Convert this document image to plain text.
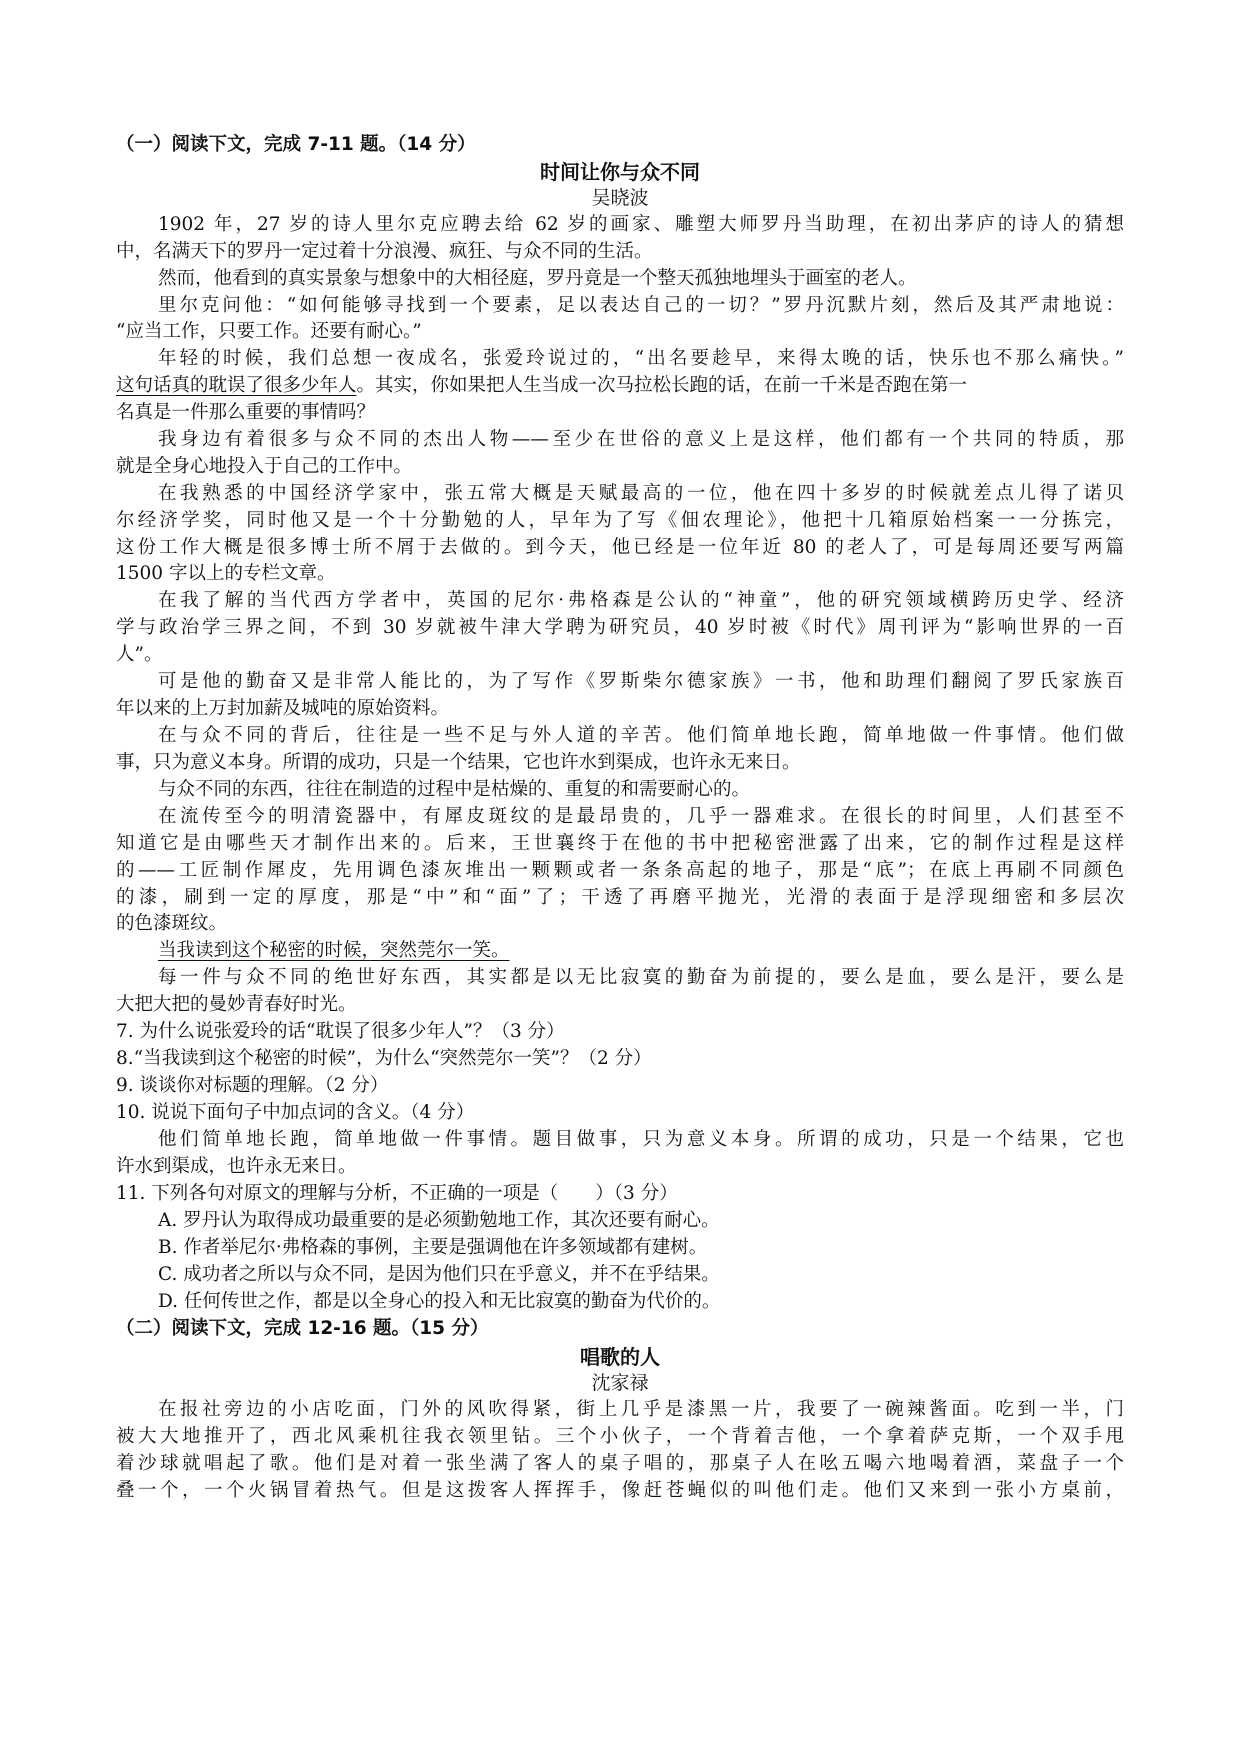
（一）阅读下文，完成 7-11 题。（14 分）
时间让你与众不同
吴晓波
1902 年，27 岁的诗人里尔克应聘去给 62 岁的画家、雕塑大师罗丹当助理，在初出茅庐的诗人的猜想
中，名满天下的罗丹一定过着十分浪漫、疯狂、与众不同的生活。
然而，他看到的真实景象与想象中的大相径庭，罗丹竟是一个整天孤独地埋头于画室的老人。
里尔克问他：“如何能够寻找到一个要素，足以表达自己的一切？”罗丹沉默片刻，然后及其严肃地说：
“应当工作，只要工作。还要有耐心。”
年轻的时候，我们总想一夜成名，张爱玲说过的，“出名要趁早，来得太晚的话，快乐也不那么痛快。”
这句话真的耽误了很多少年人。其实，你如果把人生当成一次马拉松长跑的话，在前一千米是否跑在第一
名真是一件那么重要的事情吗？
我身边有着很多与众不同的杰出人物——至少在世俗的意义上是这样，他们都有一个共同的特质，那
就是全身心地投入于自己的工作中。
在我熟悉的中国经济学家中，张五常大概是天赋最高的一位，他在四十多岁的时候就差点儿得了诺贝
尔经济学奖，同时他又是一个十分勤勉的人，早年为了写《佃农理论》，他把十几箱原始档案一一分拣完，
这份工作大概是很多博士所不屑于去做的。到今天，他已经是一位年近 80 的老人了，可是每周还要写两篇
1500 字以上的专栏文章。
在我了解的当代西方学者中，英国的尼尔·弗格森是公认的“神童”，他的研究领域横跨历史学、经济
学与政治学三界之间，不到 30 岁就被牛津大学聘为研究员，40 岁时被《时代》周刊评为“影响世界的一百
人”。
可是他的勤奋又是非常人能比的，为了写作《罗斯柴尔德家族》一书，他和助理们翻阅了罗氏家族百
年以来的上万封加薪及城吨的原始资料。
在与众不同的背后，往往是一些不足与外人道的辛苦。他们简单地长跑，简单地做一件事情。他们做
事，只为意义本身。所谓的成功，只是一个结果，它也许水到渠成，也许永无来日。
与众不同的东西，往往在制造的过程中是枯燥的、重复的和需要耐心的。
在流传至今的明清瓷器中，有犀皮斑纹的是最昂贵的，几乎一器难求。在很长的时间里，人们甚至不
知道它是由哪些天才制作出来的。后来，王世襄终于在他的书中把秘密泄露了出来，它的制作过程是这样
的——工匠制作犀皮，先用调色漆灰堆出一颗颗或者一条条高起的地子，那是“底”；在底上再刷不同颜色
的漆，刷到一定的厚度，那是“中”和“面”了；干透了再磨平抛光，光滑的表面于是浮现细密和多层次
的色漆斑纹。
当我读到这个秘密的时候，突然莞尔一笑。
每一件与众不同的绝世好东西，其实都是以无比寂寞的勤奋为前提的，要么是血，要么是汗，要么是
大把大把的曼妙青春好时光。
7. 为什么说张爱玲的话“耽误了很多少年人”？（3 分）
8.“当我读到这个秘密的时候”，为什么“突然莞尔一笑”？（2 分）
9. 谈谈你对标题的理解。（2 分）
10. 说说下面句子中加点词的含义。（4 分）
他们简单地长跑，简单地做一件事情。题目做事，只为意义本身。所谓的成功，只是一个结果，它也
许水到渠成，也许永无来日。
11. 下列各句对原文的理解与分析，不正确的一项是（　　）（3 分）
A. 罗丹认为取得成功最重要的是必须勤勉地工作，其次还要有耐心。
B. 作者举尼尔·弗格森的事例，主要是强调他在许多领域都有建树。
C. 成功者之所以与众不同，是因为他们只在乎意义，并不在乎结果。
D. 任何传世之作，都是以全身心的投入和无比寂寞的勤奋为代价的。
（二）阅读下文，完成 12-16 题。（15 分）
唱歌的人
沈家禄
在报社旁边的小店吃面，门外的风吹得紧，街上几乎是漆黑一片，我要了一碗辣酱面。吃到一半，门
被大大地推开了，西北风乘机往我衣领里钻。三个小伙子，一个背着吉他，一个拿着萨克斯，一个双手甩
着沙球就唱起了歌。他们是对着一张坐满了客人的桌子唱的，那桌子人在吆五喝六地喝着酒，菜盘子一个
叠一个，一个火锅冒着热气。但是这拨客人挥挥手，像赶苍蝇似的叫他们走。他们又来到一张小方桌前，
